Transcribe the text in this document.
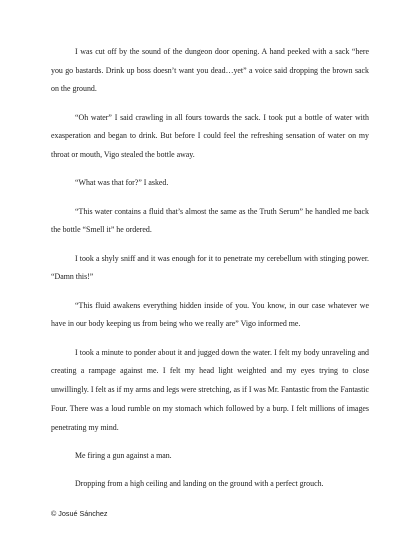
I was cut off by the sound of the dungeon door opening. A hand peeked with a sack “here you go bastards. Drink up boss doesn’t want you dead…yet” a voice said dropping the brown sack on the ground.

“Oh water” I said crawling in all fours towards the sack. I took put a bottle of water with exasperation and began to drink. But before I could feel the refreshing sensation of water on my throat or mouth, Vigo stealed the bottle away.

“What was that for?” I asked.

“This water contains a fluid that’s almost the same as the Truth Serum” he handled me back the bottle “Smell it” he ordered.

I took a shyly sniff and it was enough for it to penetrate my cerebellum with stinging power. “Damn this!”

“This fluid awakens everything hidden inside of you. You know, in our case whatever we have in our body keeping us from being who we really are” Vigo informed me.

I took a minute to ponder about it and jugged down the water. I felt my body unraveling and creating a rampage against me. I felt my head light weighted and my eyes trying to close unwillingly. I felt as if my arms and legs were stretching, as if I was Mr. Fantastic from the Fantastic Four. There was a loud rumble on my stomach which followed by a burp. I felt millions of images penetrating my mind.

Me firing a gun against a man.

Dropping from a high ceiling and landing on the ground with a perfect grouch.

© Josué Sánchez
